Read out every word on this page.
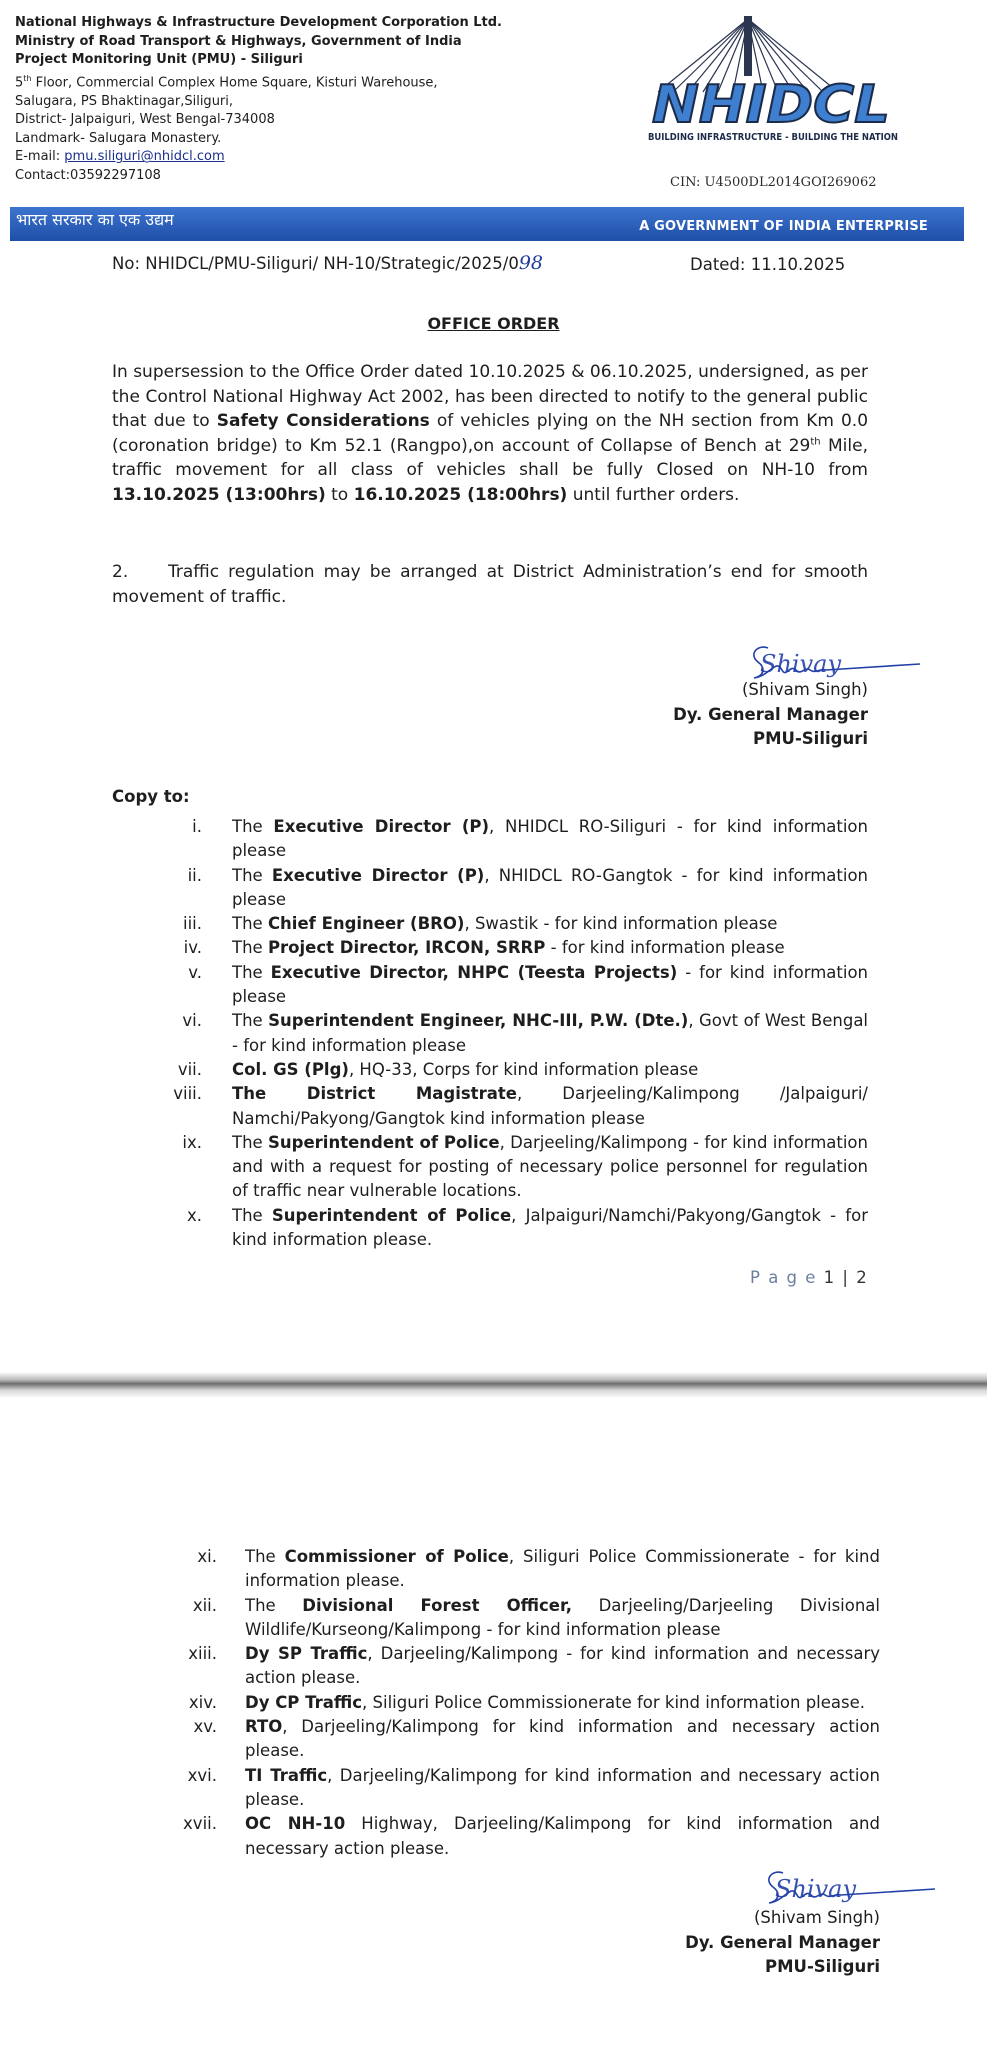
National Highways & Infrastructure Development Corporation Ltd.
Ministry of Road Transport & Highways, Government of India
Project Monitoring Unit (PMU) - Siliguri
5th Floor, Commercial Complex Home Square, Kisturi Warehouse,
Salugara, PS Bhaktinagar,Siliguri,
District- Jalpaiguri, West Bengal-734008
Landmark- Salugara Monastery.
E-mail: pmu.siliguri@nhidcl.com
Contact:03592297108
NHIDCL
BUILDING INFRASTRUCTURE - BUILDING THE NATION
CIN: U4500DL2014GOI269062
भारत सरकार का एक उद्यम	A GOVERNMENT OF INDIA ENTERPRISE
No: NHIDCL/PMU-Siliguri/ NH-10/Strategic/2025/098	Dated: 11.10.2025
OFFICE ORDER
In supersession to the Office Order dated 10.10.2025 & 06.10.2025, undersigned, as per the Control National Highway Act 2002, has been directed to notify to the general public that due to Safety Considerations of vehicles plying on the NH section from Km 0.0 (coronation bridge) to Km 52.1 (Rangpo),on account of Collapse of Bench at 29th Mile, traffic movement for all class of vehicles shall be fully Closed on NH-10 from 13.10.2025 (13:00hrs) to 16.10.2025 (18:00hrs) until further orders.
2. Traffic regulation may be arranged at District Administration’s end for smooth movement of traffic.
Shivay
(Shivam Singh)
Dy. General Manager
PMU-Siliguri
Copy to:
i. The Executive Director (P), NHIDCL RO-Siliguri - for kind information please
ii. The Executive Director (P), NHIDCL RO-Gangtok - for kind information please
iii. The Chief Engineer (BRO), Swastik - for kind information please
iv. The Project Director, IRCON, SRRP - for kind information please
v. The Executive Director, NHPC (Teesta Projects) - for kind information please
vi. The Superintendent Engineer, NHC-III, P.W. (Dte.), Govt of West Bengal - for kind information please
vii. Col. GS (Plg), HQ-33, Corps for kind information please
viii. The District Magistrate, Darjeeling/Kalimpong /Jalpaiguri/ Namchi/Pakyong/Gangtok kind information please
ix. The Superintendent of Police, Darjeeling/Kalimpong - for kind information and with a request for posting of necessary police personnel for regulation of traffic near vulnerable locations.
x. The Superintendent of Police, Jalpaiguri/Namchi/Pakyong/Gangtok - for kind information please.
P a g e 1 | 2
xi. The Commissioner of Police, Siliguri Police Commissionerate - for kind information please.
xii. The Divisional Forest Officer, Darjeeling/Darjeeling Divisional Wildlife/Kurseong/Kalimpong - for kind information please
xiii. Dy SP Traffic, Darjeeling/Kalimpong - for kind information and necessary action please.
xiv. Dy CP Traffic, Siliguri Police Commissionerate for kind information please.
xv. RTO, Darjeeling/Kalimpong for kind information and necessary action please.
xvi. TI Traffic, Darjeeling/Kalimpong for kind information and necessary action please.
xvii. OC NH-10 Highway, Darjeeling/Kalimpong for kind information and necessary action please.
Shivay
(Shivam Singh)
Dy. General Manager
PMU-Siliguri
